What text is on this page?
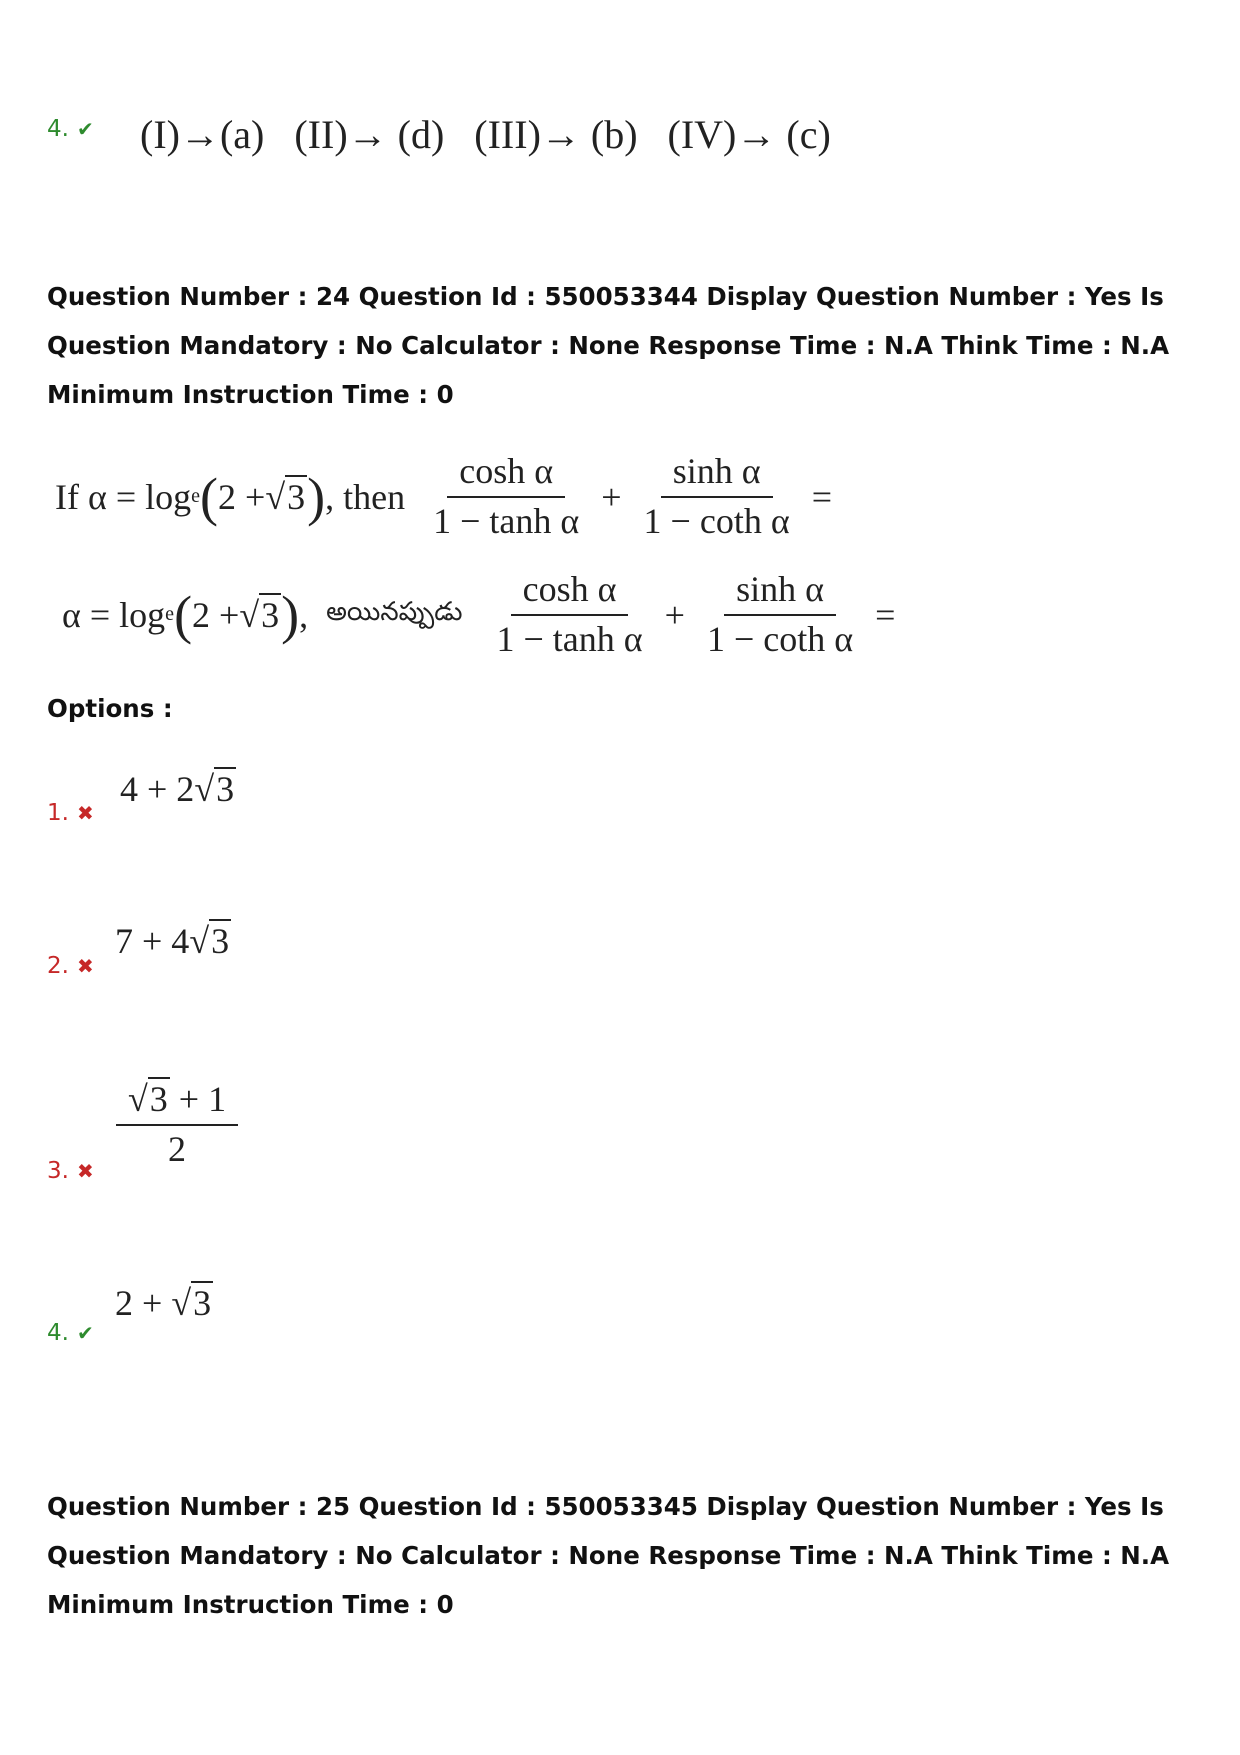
(I)→(a) (II)→ (d) (III)→ (b) (IV)→ (c)

4. ✔
Question Number : 24 Question Id : 550053344 Display Question Number : Yes Is Question Mandatory : No Calculator : None Response Time : N.A Think Time : N.A Minimum Instruction Time : 0
If α = log e ( 2 + √3 ) , then $\frac{\text{cosh α}}{\text{1 − tanh α}} + \frac{\text{sinh α}}{\text{1 − coth α}}$ =
α = log e ( 2 + √3 ) , అయినప్పుడు $\frac{\text{cosh α}}{\text{1 − tanh α}} + \frac{\text{sinh α}}{\text{1 − coth α}}$ =
Options :
4 + 2√3
1. ✖
7 + 4√3
2. ✖
$\frac{√3 + 1}{2}$
3. ✖
2 + √3
4. ✔
Question Number : 25 Question Id : 550053345 Display Question Number : Yes Is Question Mandatory : No Calculator : None Response Time : N.A Think Time : N.A Minimum Instruction Time : 0
